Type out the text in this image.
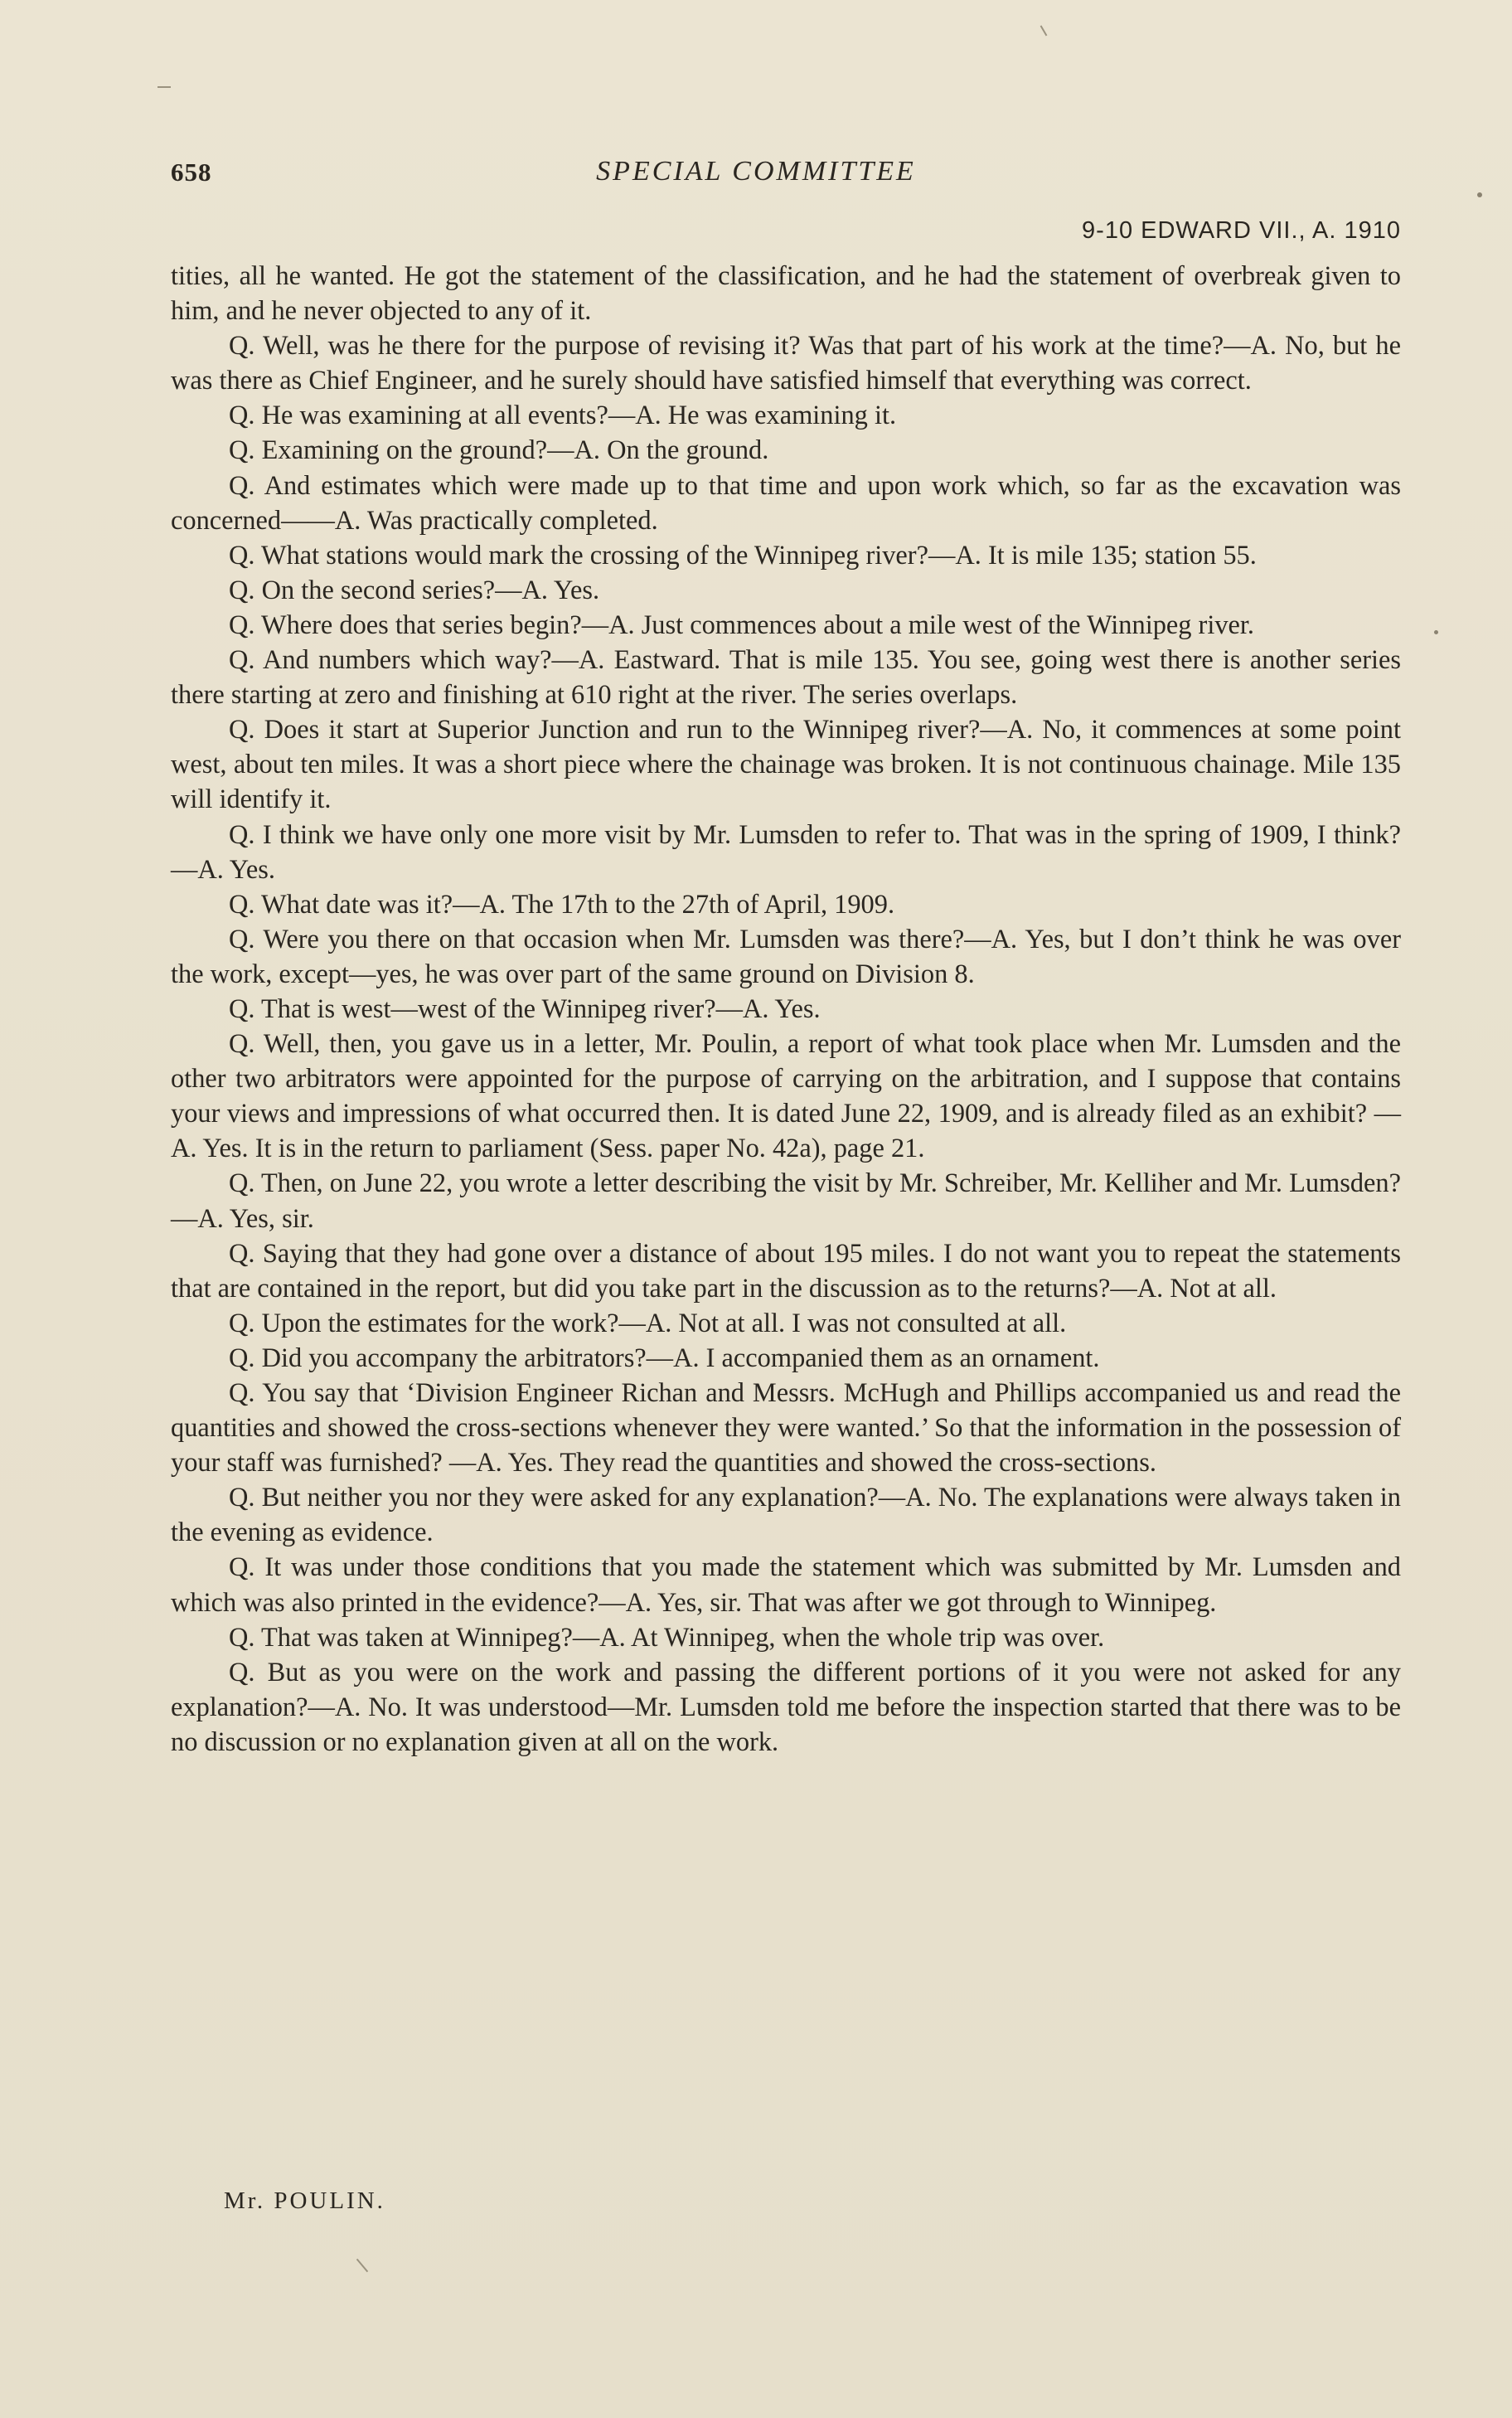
658	SPECIAL COMMITTEE
9-10 EDWARD VII., A. 1910

tities, all he wanted. He got the statement of the classification, and he had the statement of overbreak given to him, and he never objected to any of it.

Q. Well, was he there for the purpose of revising it? Was that part of his work at the time?—A. No, but he was there as Chief Engineer, and he surely should have satisfied himself that everything was correct.

Q. He was examining at all events?—A. He was examining it.

Q. Examining on the ground?—A. On the ground.

Q. And estimates which were made up to that time and upon work which, so far as the excavation was concerned——A. Was practically completed.

Q. What stations would mark the crossing of the Winnipeg river?—A. It is mile 135; station 55.

Q. On the second series?—A. Yes.

Q. Where does that series begin?—A. Just commences about a mile west of the Winnipeg river.

Q. And numbers which way?—A. Eastward. That is mile 135. You see, going west there is another series there starting at zero and finishing at 610 right at the river. The series overlaps.

Q. Does it start at Superior Junction and run to the Winnipeg river?—A. No, it commences at some point west, about ten miles. It was a short piece where the chainage was broken. It is not continuous chainage. Mile 135 will identify it.

Q. I think we have only one more visit by Mr. Lumsden to refer to. That was in the spring of 1909, I think?—A. Yes.

Q. What date was it?—A. The 17th to the 27th of April, 1909.

Q. Were you there on that occasion when Mr. Lumsden was there?—A. Yes, but I don’t think he was over the work, except—yes, he was over part of the same ground on Division 8.

Q. That is west—west of the Winnipeg river?—A. Yes.

Q. Well, then, you gave us in a letter, Mr. Poulin, a report of what took place when Mr. Lumsden and the other two arbitrators were appointed for the purpose of carrying on the arbitration, and I suppose that contains your views and impressions of what occurred then. It is dated June 22, 1909, and is already filed as an exhibit? —A. Yes. It is in the return to parliament (Sess. paper No. 42a), page 21.

Q. Then, on June 22, you wrote a letter describing the visit by Mr. Schreiber, Mr. Kelliher and Mr. Lumsden?—A. Yes, sir.

Q. Saying that they had gone over a distance of about 195 miles. I do not want you to repeat the statements that are contained in the report, but did you take part in the discussion as to the returns?—A. Not at all.

Q. Upon the estimates for the work?—A. Not at all. I was not consulted at all.

Q. Did you accompany the arbitrators?—A. I accompanied them as an ornament.

Q. You say that ‘Division Engineer Richan and Messrs. McHugh and Phillips accompanied us and read the quantities and showed the cross-sections whenever they were wanted.’ So that the information in the possession of your staff was furnished? —A. Yes. They read the quantities and showed the cross-sections.

Q. But neither you nor they were asked for any explanation?—A. No. The explanations were always taken in the evening as evidence.

Q. It was under those conditions that you made the statement which was submitted by Mr. Lumsden and which was also printed in the evidence?—A. Yes, sir. That was after we got through to Winnipeg.

Q. That was taken at Winnipeg?—A. At Winnipeg, when the whole trip was over.

Q. But as you were on the work and passing the different portions of it you were not asked for any explanation?—A. No. It was understood—Mr. Lumsden told me before the inspection started that there was to be no discussion or no explanation given at all on the work.

Mr. POULIN.
